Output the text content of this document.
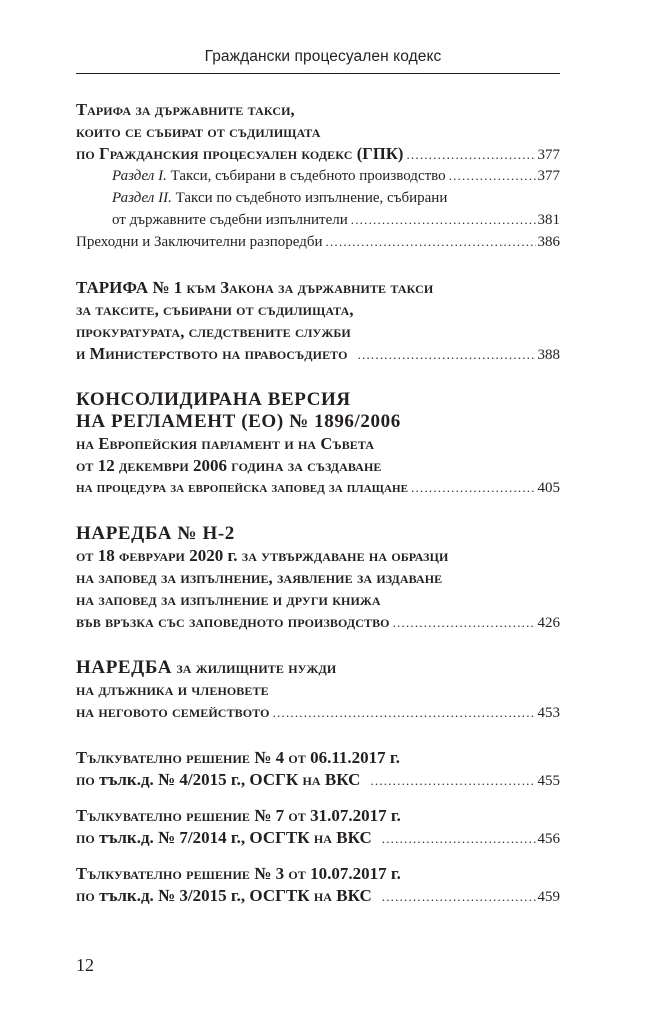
Граждански процесуален кодекс
Тарифа за държавните такси,
които се събират от съдилищата
по Гражданския процесуален кодекс (ГПК) .....	377
Раздел I. Такси, събирани в съдебното производство .....	377
Раздел II. Такси по съдебното изпълнение, събирани
от държавните съдебни изпълнители .....	381
Преходни и Заключителни разпоредби .....	386
ТАРИФА № 1 към Закона за държавните такси
за таксите, събирани от съдилищата,
прокуратурата, следствените служби
и Министерството на правосъдието .....	388
КОНСОЛИДИРАНА ВЕРСИЯ
НА РЕГЛАМЕНТ (ЕО) № 1896/2006
на Европейския парламент и на Съвета
от 12 декември 2006 година за създаване
на процедура за европейска заповед за плащане .....	405
НАРЕДБА № Н-2
от 18 февруари 2020 г. за утвърждаване на образци
на заповед за изпълнение, заявление за издаване
на заповед за изпълнение и други книжа
във връзка със заповедното производство .....	426
НАРЕДБА за жилищните нужди
на длъжника и членовете
на неговото семейството .....	453
Тълкувателно решение № 4 от 06.11.2017 г.
по тълк.д. № 4/2015 г., ОСГК на ВКС .....	455
Тълкувателно решение № 7 от 31.07.2017 г.
по тълк.д. № 7/2014 г., ОСГТК на ВКС .....	456
Тълкувателно решение № 3 от 10.07.2017 г.
по тълк.д. № 3/2015 г., ОСГТК на ВКС .....	459
12
